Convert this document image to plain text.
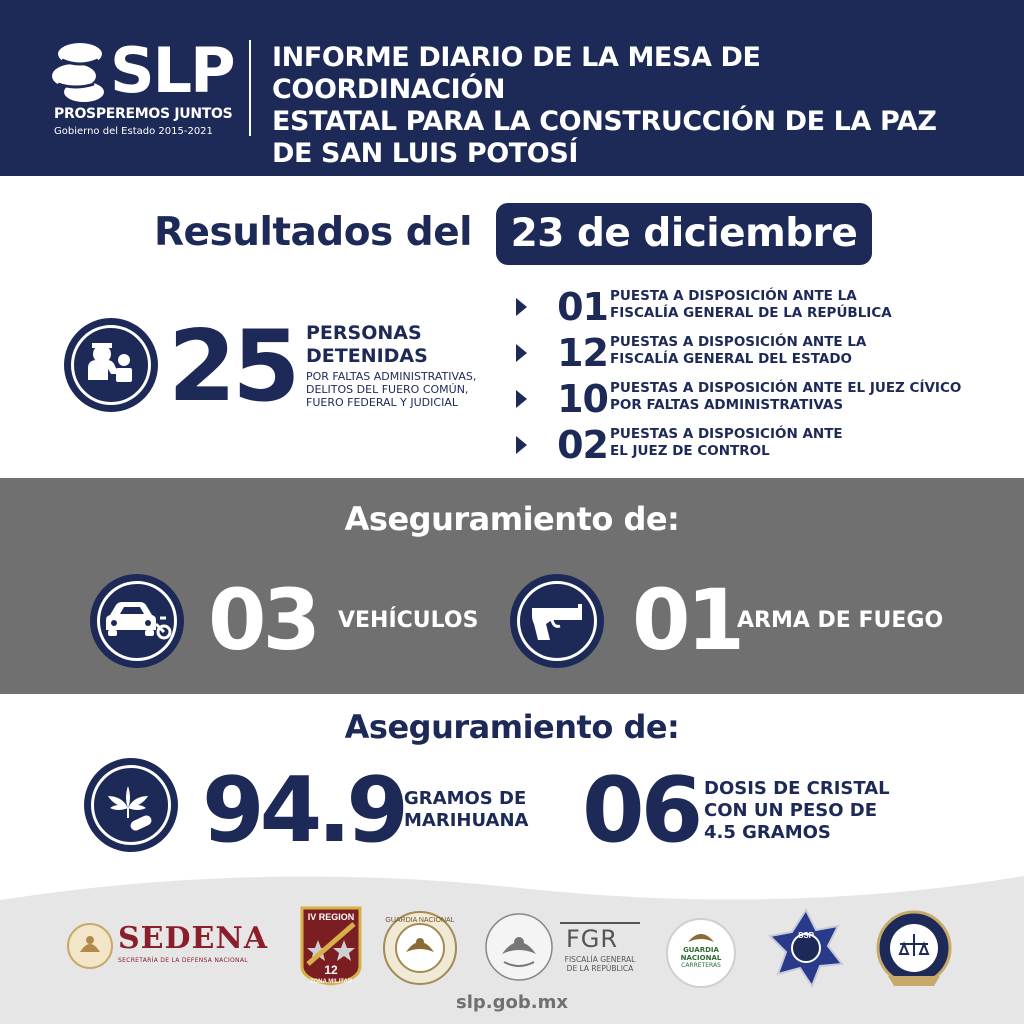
SLP
PROSPEREMOS JUNTOS
Gobierno del Estado 2015-2021
INFORME DIARIO DE LA MESA DE COORDINACIÓN
ESTATAL PARA LA CONSTRUCCIÓN DE LA PAZ
DE SAN LUIS POTOSÍ
Resultados del 23 de diciembre
25 PERSONAS
DETENIDAS
POR FALTAS ADMINISTRATIVAS,
DELITOS DEL FUERO COMÚN,
FUERO FEDERAL Y JUDICIAL
01 PUESTA A DISPOSICIÓN ANTE LA
FISCALÍA GENERAL DE LA REPÚBLICA
12 PUESTAS A DISPOSICIÓN ANTE LA
FISCALÍA GENERAL DEL ESTADO
10 PUESTAS A DISPOSICIÓN ANTE EL JUEZ CÍVICO
POR FALTAS ADMINISTRATIVAS
02 PUESTAS A DISPOSICIÓN ANTE
EL JUEZ DE CONTROL
Aseguramiento de:
03 VEHÍCULOS 01
ARMA DE FUEGO
Aseguramiento de:
94.9 GRAMOS DE
MARIHUANA 06 DOSIS DE CRISTAL
CON UN PESO DE
4.5 GRAMOS
SEDENA
SECRETARÍA DE LA DEFENSA NACIONAL
IV REGION
12
ZONA MILITAR
GUARDIA NACIONAL
FGR
FISCALÍA GENERAL
DE LA REPÚBLICA
GUARDIA
NACIONAL
CARRETERAS
SSP
slp.gob.mx
